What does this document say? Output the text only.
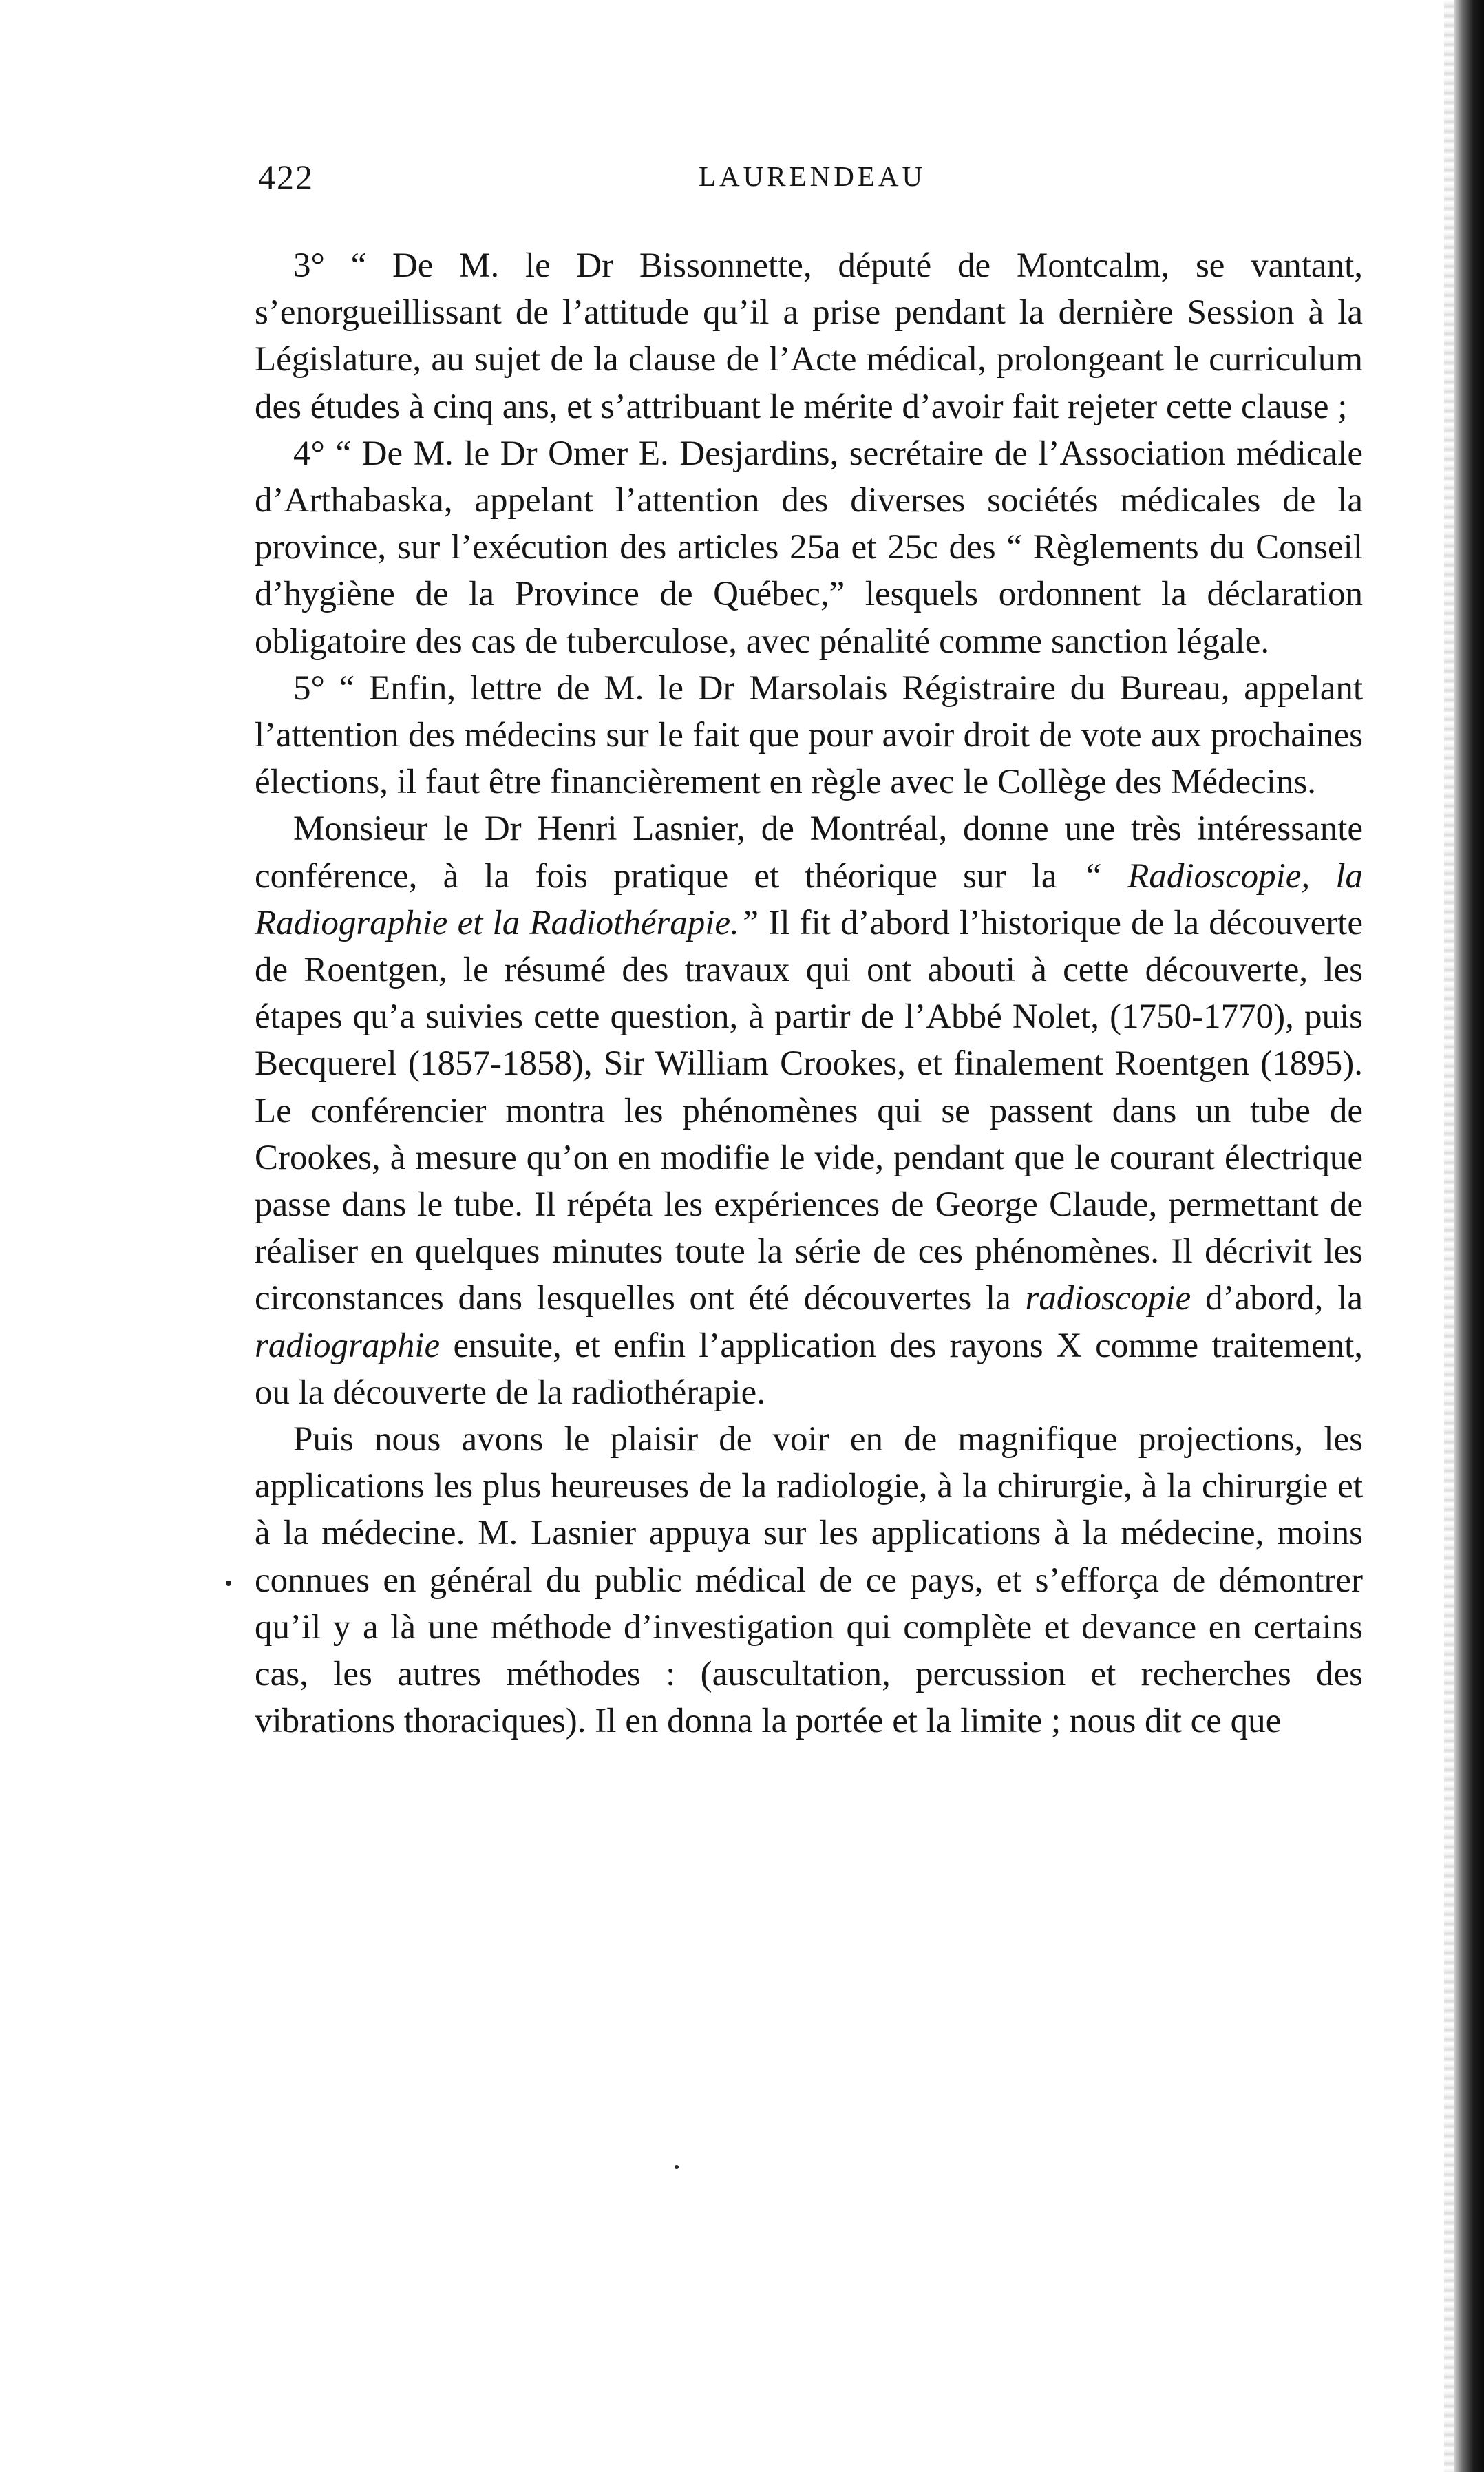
422	LAURENDEAU

3° “ De M. le Dr Bissonnette, député de Montcalm, se vantant, s’enorgueillissant de l’attitude qu’il a prise pendant la dernière Session à la Législature, au sujet de la clause de l’Acte médical, prolongeant le curriculum des études à cinq ans, et s’attribuant le mérite d’avoir fait rejeter cette clause ;

4° “ De M. le Dr Omer E. Desjardins, secrétaire de l’Association médicale d’Arthabaska, appelant l’attention des diverses sociétés médicales de la province, sur l’exécution des articles 25a et 25c des “ Règlements du Conseil d’hygiène de la Province de Québec,” lesquels ordonnent la déclaration obligatoire des cas de tuberculose, avec pénalité comme sanction légale.

5° “ Enfin, lettre de M. le Dr Marsolais Régistraire du Bureau, appelant l’attention des médecins sur le fait que pour avoir droit de vote aux prochaines élections, il faut être financièrement en règle avec le Collège des Médecins.

Monsieur le Dr Henri Lasnier, de Montréal, donne une très intéressante conférence, à la fois pratique et théorique sur la “ Radioscopie, la Radiographie et la Radiothérapie.” Il fit d’abord l’historique de la découverte de Roentgen, le résumé des travaux qui ont abouti à cette découverte, les étapes qu’a suivies cette question, à partir de l’Abbé Nolet, (1750-1770), puis Becquerel (1857-1858), Sir William Crookes, et finalement Roentgen (1895). Le conférencier montra les phénomènes qui se passent dans un tube de Crookes, à mesure qu’on en modifie le vide, pendant que le courant électrique passe dans le tube. Il répéta les expériences de George Claude, permettant de réaliser en quelques minutes toute la série de ces phénomènes. Il décrivit les circonstances dans lesquelles ont été découvertes la radioscopie d’abord, la radiographie ensuite, et enfin l’application des rayons X comme traitement, ou la découverte de la radiothérapie.

Puis nous avons le plaisir de voir en de magnifique projections, les applications les plus heureuses de la radiologie, à la chirurgie, à la chirurgie et à la médecine. M. Lasnier appuya sur les applications à la médecine, moins connues en général du public médical de ce pays, et s’efforça de démontrer qu’il y a là une méthode d’investigation qui complète et devance en certains cas, les autres méthodes : (auscultation, percussion et recherches des vibrations thoraciques). Il en donna la portée et la limite ; nous dit ce que
